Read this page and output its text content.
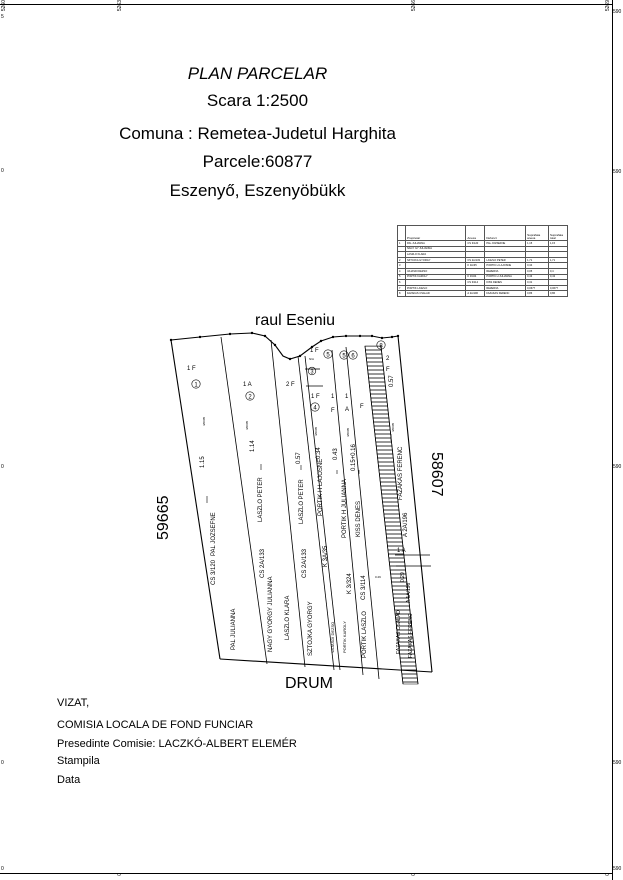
5260	5263	5266	5269
5
0
0
0
0
590
590
590
590
590
0	0	0
PLAN PARCELAR
Scara 1:2500
Comuna : Remetea-Judetul Harghita
Parcele:60877
Eszenyő, Eszenyöbükk
	Proprietar	Anexa	Defunct	Suprafata anexa	Suprafata total
1	PAL JULIANNA	CS 3/120	PAL JOZSEFNE	1,15	1,15
	NAGY GY JULIANNA				
	LASZLO KLARA				
2	SZTOJKA GYORGY	CS 2A/133	LASZLO PETER	1,71	1,71
3		K 3A/35	PORTIK H LAJOSNE	0,34	
4	VAJASDI DEZSO		REZERVA	0,05	0,4
5	PORTIK KAROLY	K 3/324	PORTIK H JULIANNA	0,43	0,43
6		CS 3/114	KISS DENES	0,31	
7	PORTIK LASZLO		REZERVA	0,0677	0,0677
8	FAZAKAS CSALAD	A 2A/196	FAZAKAS FERENC	0,86	0,86
raul Eseniu
DRUM
59665
58607
1 F
1
4/0005
1.15
CS 3/120
PAL JOZSEFNE
PAL JULIANNA
1 A
2
4/0005
1.14
LASZLO PETER
CS 2A/133
NAGY GYORGY JULIANNA
2 F
0.57
LASZLO PETER
CS 2A/133
LASZLO KLARA
1 F
N/A
3
1 F
4
4/0005
0.34
PORTIK H LAJOSNE
K 3A/35
SZTOJKA GYORGY
5
1
F
0.43
PORTIK H JULIANNA
K 3/324
VAJASDI DEZSO
5
1
A
4/0005
0.15+0.16
KISS DENES
CS 3/114
PORTIK KAROLY
6
8
F
PORTIK LASZLO
0.29
2
F
0.57
4/0005
FAZAKAS FERENC
A 2A/196
1 A
A 1A/196
0.29
FAZAKAS FERENC
FAZAKAS CSALAD
VIZAT,
COMISIA LOCALA DE FOND FUNCIAR
Presedinte Comisie: LACZKÓ-ALBERT ELEMÉR
Stampila
Data
